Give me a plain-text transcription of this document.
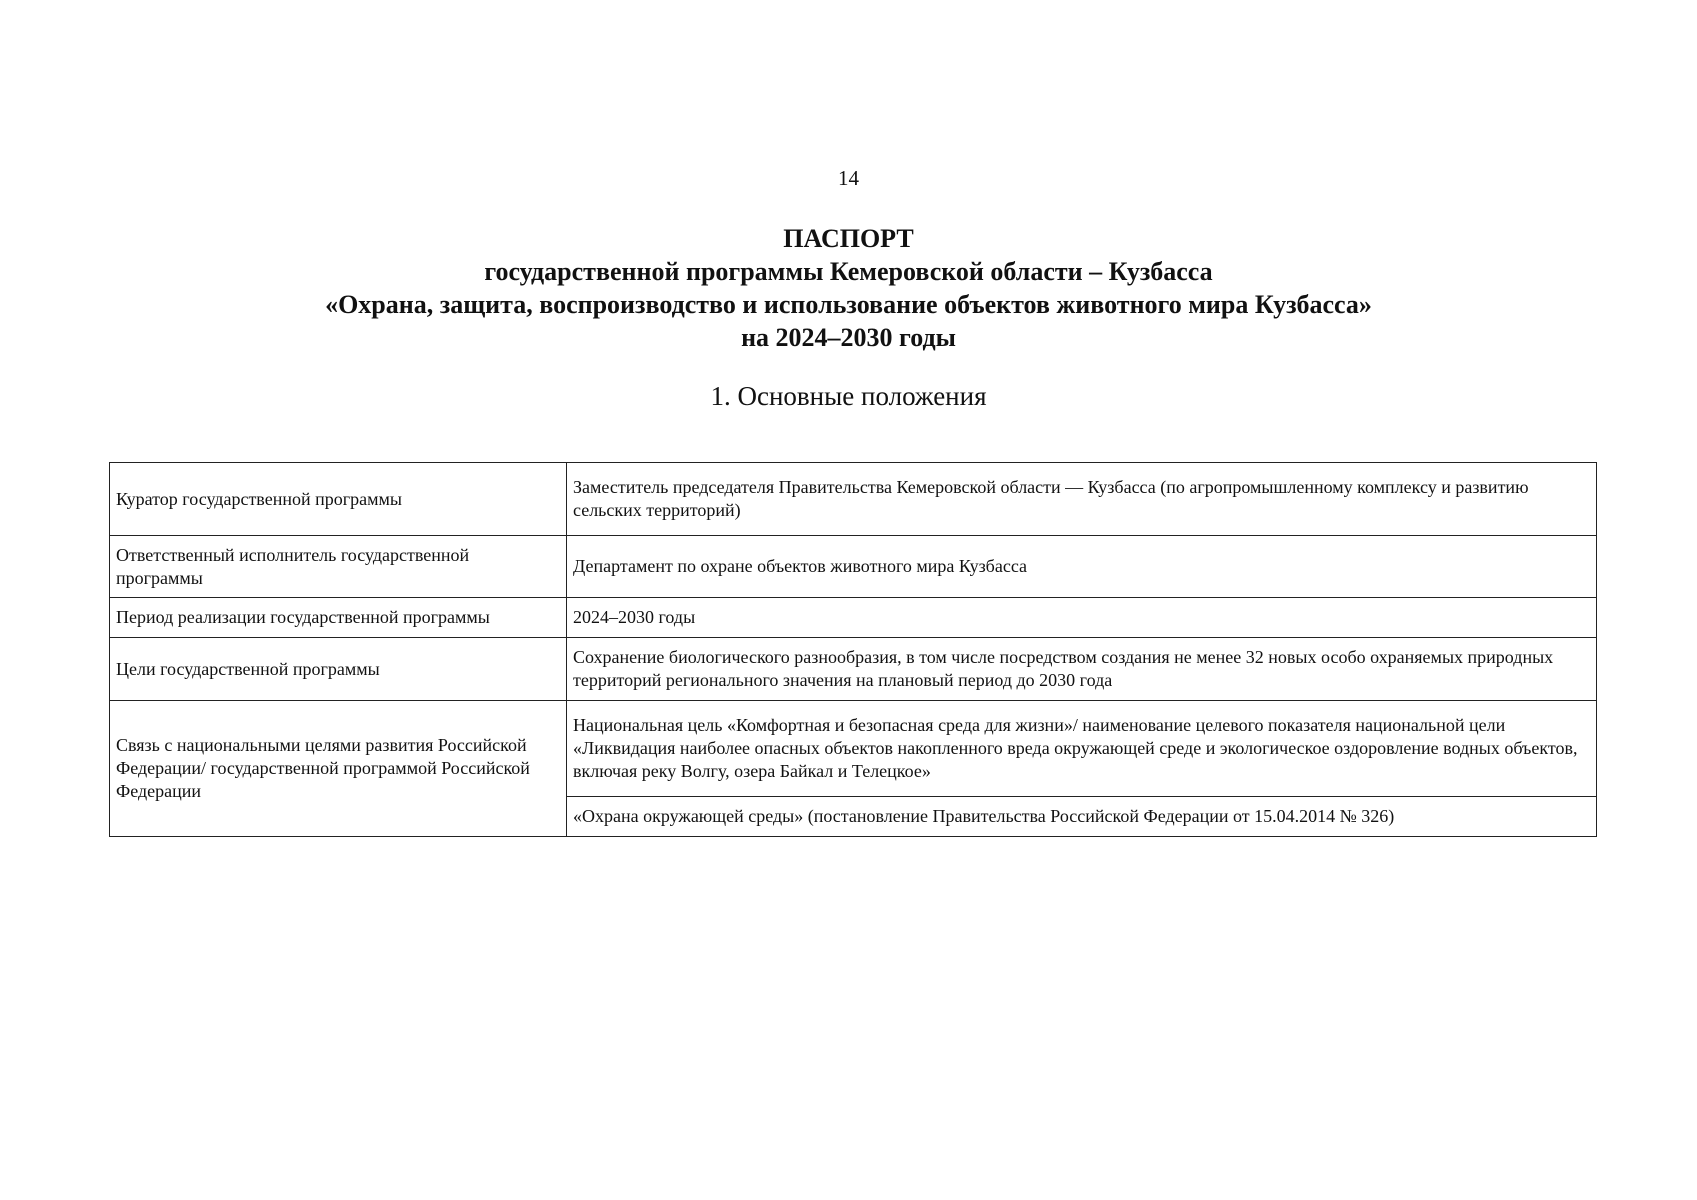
14
ПАСПОРТ
государственной программы Кемеровской области – Кузбасса
«Охрана, защита, воспроизводство и использование объектов животного мира Кузбасса»
на 2024–2030 годы
1. Основные положения
Куратор государственной программы	Заместитель председателя Правительства Кемеровской области — Кузбасса (по агропромышленному комплексу и развитию сельских территорий)
Ответственный исполнитель государственной программы	Департамент по охране объектов животного мира Кузбасса
Период реализации государственной программы	2024–2030 годы
Цели государственной программы	Сохранение биологического разнообразия, в том числе посредством создания не менее 32 новых особо охраняемых природных территорий регионального значения на плановый период до 2030 года
Связь с национальными целями развития Российской Федерации/ государственной программой Российской Федерации	Национальная цель «Комфортная и безопасная среда для жизни»/ наименование целевого показателя национальной цели «Ликвидация наиболее опасных объектов накопленного вреда окружающей среде и экологическое оздоровление водных объектов, включая реку Волгу, озера Байкал и Телецкое»
	«Охрана окружающей среды» (постановление Правительства Российской Федерации от 15.04.2014 № 326)
